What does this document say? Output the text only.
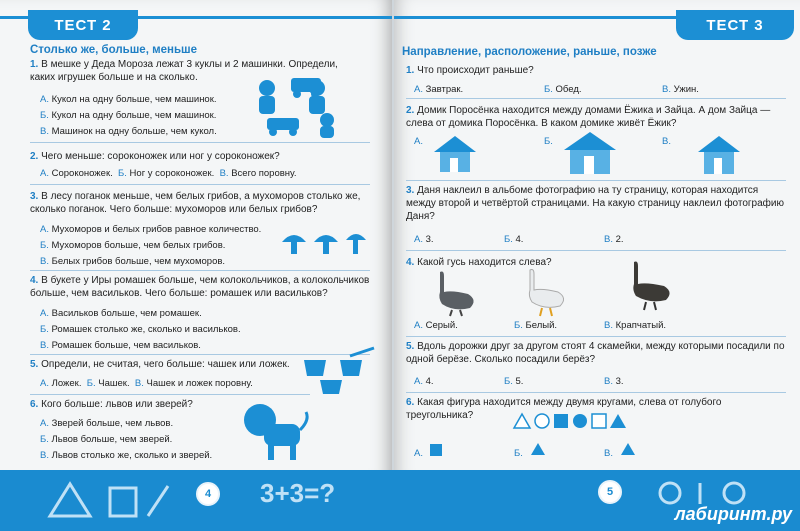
ТЕСТ 2
Столько же, больше, меньше
1. В мешке у Деда Мороза лежат 3 куклы и 2 машинки. Определи, каких игрушек больше и на сколько.
А. Кукол на одну больше, чем машинок.
Б. Кукол на одну больше, чем машинок.
В. Машинок на одну больше, чем кукол.
2. Чего меньше: сороконожек или ног у сороконожек?
А. Сороконожек. Б. Ног у сороконожек. В. Всего поровну.
3. В лесу поганок меньше, чем белых грибов, а мухоморов столько же, сколько поганок. Чего больше: мухоморов или белых грибов?
А. Мухоморов и белых грибов равное количество.
Б. Мухоморов больше, чем белых грибов.
В. Белых грибов больше, чем мухоморов.
4. В букете у Иры ромашек больше, чем колокольчиков, а колокольчиков больше, чем васильков. Чего больше: ромашек или васильков?
А. Васильков больше, чем ромашек.
Б. Ромашек столько же, сколько и васильков.
В. Ромашек больше, чем васильков.
5. Определи, не считая, чего больше: чашек или ложек.
А. Ложек. Б. Чашек. В. Чашек и ложек поровну.
6. Кого больше: львов или зверей?
А. Зверей больше, чем львов.
Б. Львов больше, чем зверей.
В. Львов столько же, сколько и зверей.
ТЕСТ 3
Направление, расположение, раньше, позже
1. Что происходит раньше?
А. Завтрак.	Б. Обед.	В. Ужин.
2. Домик Поросёнка находится между домами Ёжика и Зайца. А дом Зайца — слева от домика Поросёнка. В каком домике живёт Ёжик?
А.	Б.	В.
3. Даня наклеил в альбоме фотографию на ту страницу, которая находится между второй и четвёртой страницами. На какую страницу наклеил фотографию Даня?
А. 3.	Б. 4.	В. 2.
4. Какой гусь находится слева?
А. Серый.	Б. Белый.	В. Крапчатый.
5. Вдоль дорожки друг за другом стоят 4 скамейки, между которыми посадили по одной берёзе. Сколько посадили берёз?
А. 4.	Б. 5.	В. 3.
6. Какая фигура находится между двумя кругами, слева от голубого треугольника?
А.	Б.	В.
4	5
3+3=?
лабиринт.ру
